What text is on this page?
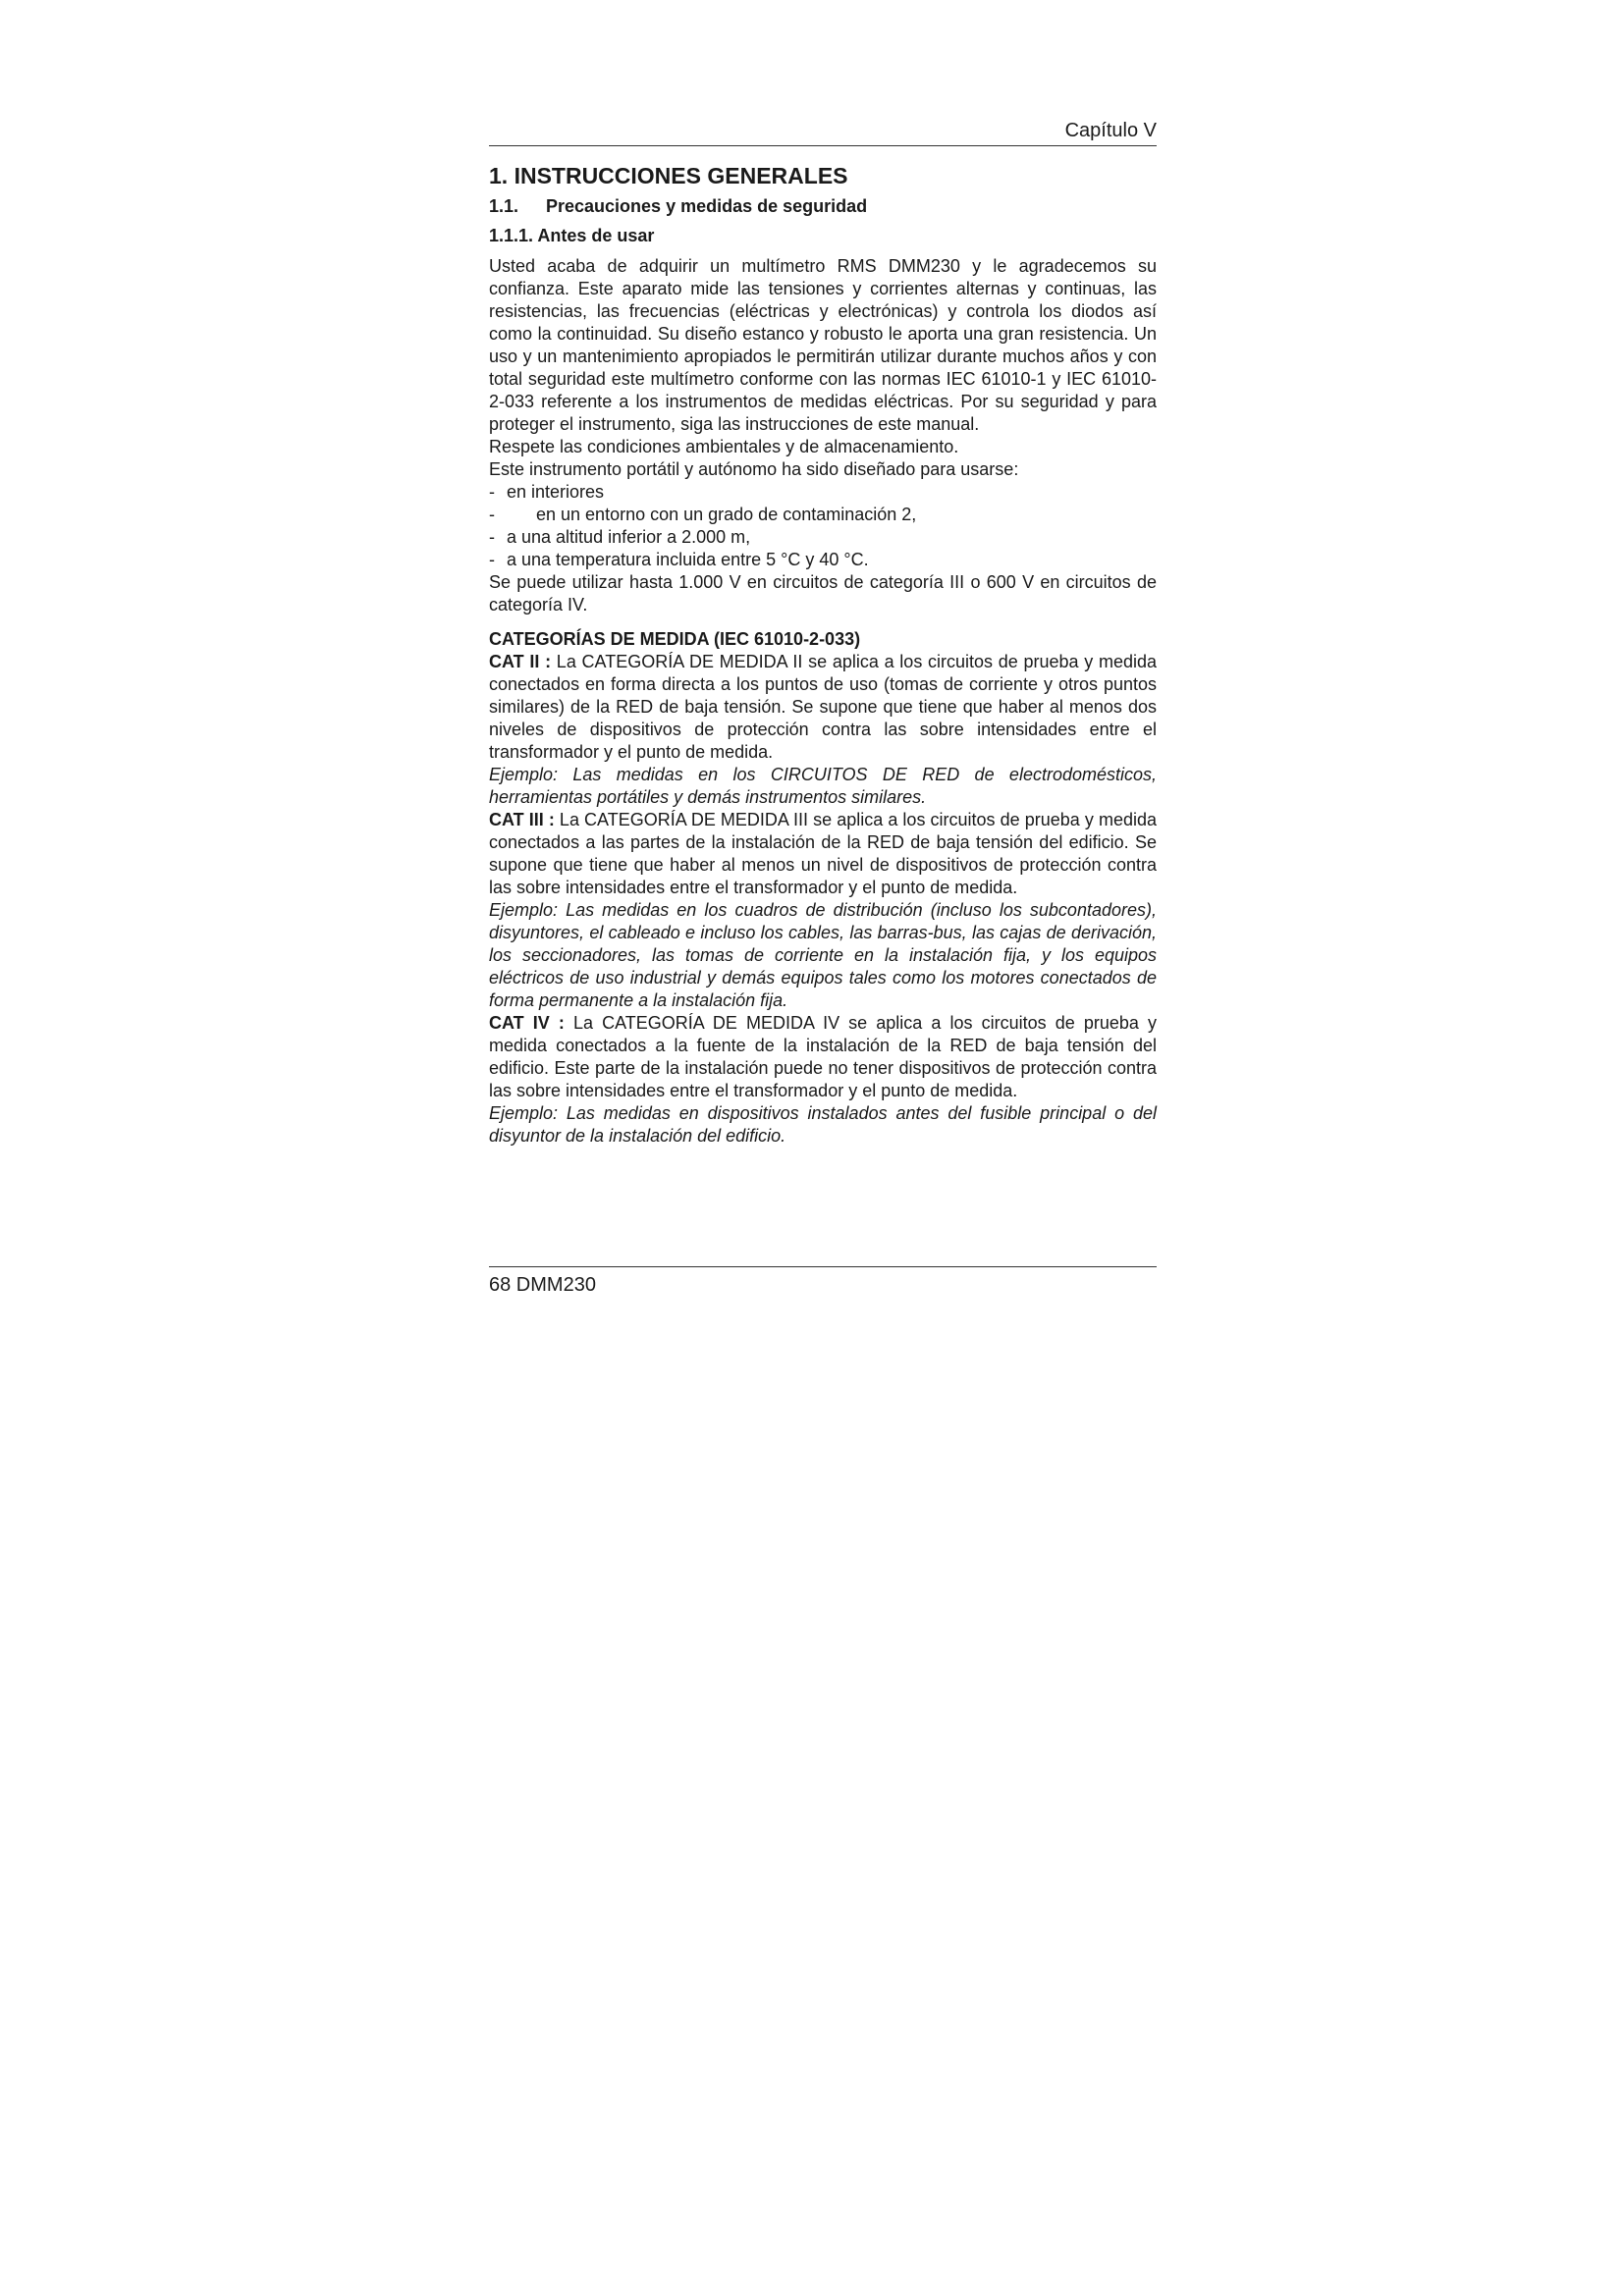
Capítulo V
1. INSTRUCCIONES GENERALES
1.1. Precauciones y medidas de seguridad
1.1.1. Antes de usar

Usted acaba de adquirir un multímetro RMS DMM230 y le agradecemos su confianza. Este aparato mide las tensiones y corrientes alternas y continuas, las resistencias, las frecuencias (eléctricas y electrónicas) y controla los diodos así como la continuidad. Su diseño estanco y robusto le aporta una gran resistencia. Un uso y un mantenimiento apropiados le permitirán utilizar durante muchos años y con total seguridad este multímetro conforme con las normas IEC 61010-1 y IEC 61010-2-033 referente a los instrumentos de medidas eléctricas. Por su seguridad y para proteger el instrumento, siga las instrucciones de este manual.

Respete las condiciones ambientales y de almacenamiento.

Este instrumento portátil y autónomo ha sido diseñado para usarse:

- en interiores
- en un entorno con un grado de contaminación 2,
- a una altitud inferior a 2.000 m,
- a una temperatura incluida entre 5 °C y 40 °C.

Se puede utilizar hasta 1.000 V en circuitos de categoría III o 600 V en circuitos de categoría IV.

CATEGORÍAS DE MEDIDA (IEC 61010-2-033)

CAT II : La CATEGORÍA DE MEDIDA II se aplica a los circuitos de prueba y medida conectados en forma directa a los puntos de uso (tomas de corriente y otros puntos similares) de la RED de baja tensión. Se supone que tiene que haber al menos dos niveles de dispositivos de protección contra las sobre intensidades entre el transformador y el punto de medida.

Ejemplo: Las medidas en los CIRCUITOS DE RED de electrodomésticos, herramientas portátiles y demás instrumentos similares.

CAT III : La CATEGORÍA DE MEDIDA III se aplica a los circuitos de prueba y medida conectados a las partes de la instalación de la RED de baja tensión del edificio. Se supone que tiene que haber al menos un nivel de dispositivos de protección contra las sobre intensidades entre el transformador y el punto de medida.

Ejemplo: Las medidas en los cuadros de distribución (incluso los subcontadores), disyuntores, el cableado e incluso los cables, las barras-bus, las cajas de derivación, los seccionadores, las tomas de corriente en la instalación fija, y los equipos eléctricos de uso industrial y demás equipos tales como los motores conectados de forma permanente a la instalación fija.

CAT IV : La CATEGORÍA DE MEDIDA IV se aplica a los circuitos de prueba y medida conectados a la fuente de la instalación de la RED de baja tensión del edificio. Este parte de la instalación puede no tener dispositivos de protección contra las sobre intensidades entre el transformador y el punto de medida.

Ejemplo: Las medidas en dispositivos instalados antes del fusible principal o del disyuntor de la instalación del edificio.

68 DMM230
